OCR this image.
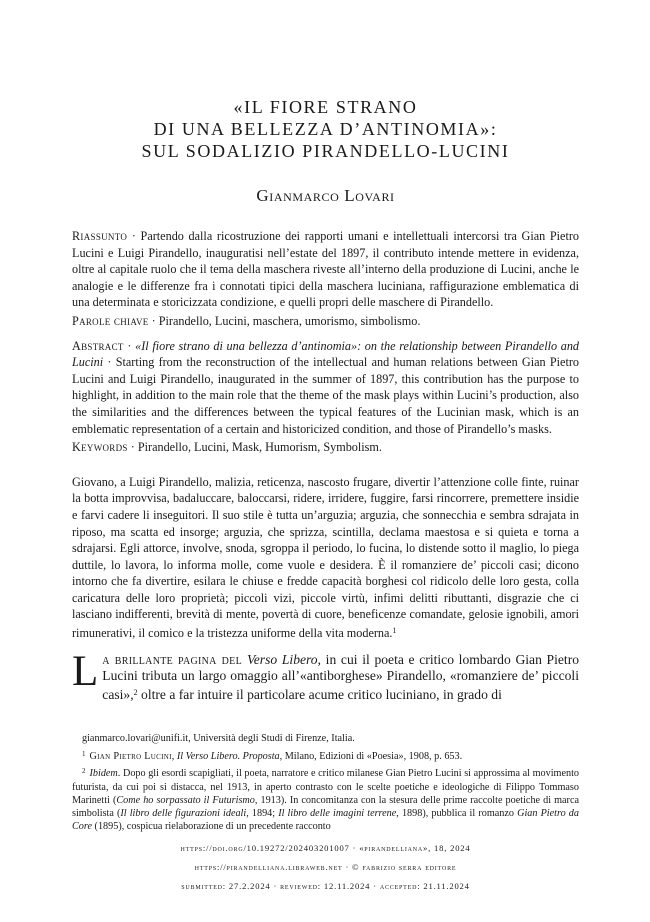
«IL FIORE STRANO

DI UNA BELLEZZA D’ANTINOMIA»:

SUL SODALIZIO PIRANDELLO-LUCINI

Gianmarco Lovari

Riassunto · Partendo dalla ricostruzione dei rapporti umani e intellettuali intercorsi tra Gian Pietro Lucini e Luigi Pirandello, inauguratisi nell’estate del 1897, il contributo intende mettere in evidenza, oltre al capitale ruolo che il tema della maschera riveste all’interno della produzione di Lucini, anche le analogie e le differenze fra i connotati tipici della maschera luciniana, raffigurazione emblematica di una determinata e storicizzata condizione, e quelli propri delle maschere di Pirandello.

Parole chiave · Pirandello, Lucini, maschera, umorismo, simbolismo.

Abstract · «Il fiore strano di una bellezza d’antinomia»: on the relationship between Pirandello and Lucini · Starting from the reconstruction of the intellectual and human relations between Gian Pietro Lucini and Luigi Pirandello, inaugurated in the summer of 1897, this contribution has the purpose to highlight, in addition to the main role that the theme of the mask plays within Lucini’s production, also the similarities and the differences between the typical features of the Lucinian mask, which is an emblematic representation of a certain and historicized condition, and those of Pirandello’s masks.

Keywords · Pirandello, Lucini, Mask, Humorism, Symbolism.

Giovano, a Luigi Pirandello, malizia, reticenza, nascosto frugare, divertir l’attenzione colle finte, ruinar la botta improvvisa, badaluccare, baloccarsi, ridere, irridere, fuggire, farsi rincorrere, premettere insidie e farvi cadere li inseguitori. Il suo stile è tutta un’arguzia; arguzia, che sonnecchia e sembra sdrajata in riposo, ma scatta ed insorge; arguzia, che sprizza, scintilla, declama maestosa e si quieta e torna a sdrajarsi. Egli attorce, involve, snoda, sgroppa il periodo, lo fucina, lo distende sotto il maglio, lo piega duttile, lo lavora, lo informa molle, come vuole e desidera. È il romanziere de’ piccoli casi; dicono intorno che fa divertire, esilara le chiuse e fredde capacità borghesi col ridicolo delle loro gesta, colla caricatura delle loro proprietà; piccoli vizi, piccole virtù, infimi delitti ributtanti, disgrazie che ci lasciano indifferenti, brevità di mente, povertà di cuore, beneficenze comandate, gelosie ignobili, amori rimunerativi, il comico e la tristezza uniforme della vita moderna.$^1$

La brillante pagina del Verso Libero, in cui il poeta e critico lombardo Gian Pietro Lucini tributa un largo omaggio all’«antiborghese» Pirandello, «romanziere de’ piccoli casi»,$^2$ oltre a far intuire il particolare acume critico luciniano, in grado di

gianmarco.lovari@unifi.it, Università degli Studi di Firenze, Italia.

$^1$ Gian Pietro Lucini, Il Verso Libero. Proposta, Milano, Edizioni di «Poesia», 1908, p. 653.

$^2$ Ibidem. Dopo gli esordi scapigliati, il poeta, narratore e critico milanese Gian Pietro Lucini si approssima al movimento futurista, da cui poi si distacca, nel 1913, in aperto contrasto con le scelte poetiche e ideologiche di Filippo Tommaso Marinetti (Come ho sorpassato il Futurismo, 1913). In concomitanza con la stesura delle prime raccolte poetiche di marca simbolista (Il libro delle figurazioni ideali, 1894; Il libro delle imagini terrene, 1898), pubblica il romanzo Gian Pietro da Core (1895), cospicua rielaborazione di un precedente racconto

https://doi.org/10.19272/202403201007 · «pirandelliana», 18, 2024

https://pirandelliana.libraweb.net · © fabrizio serra editore

submitted: 27.2.2024 · reviewed: 12.11.2024 · accepted: 21.11.2024
